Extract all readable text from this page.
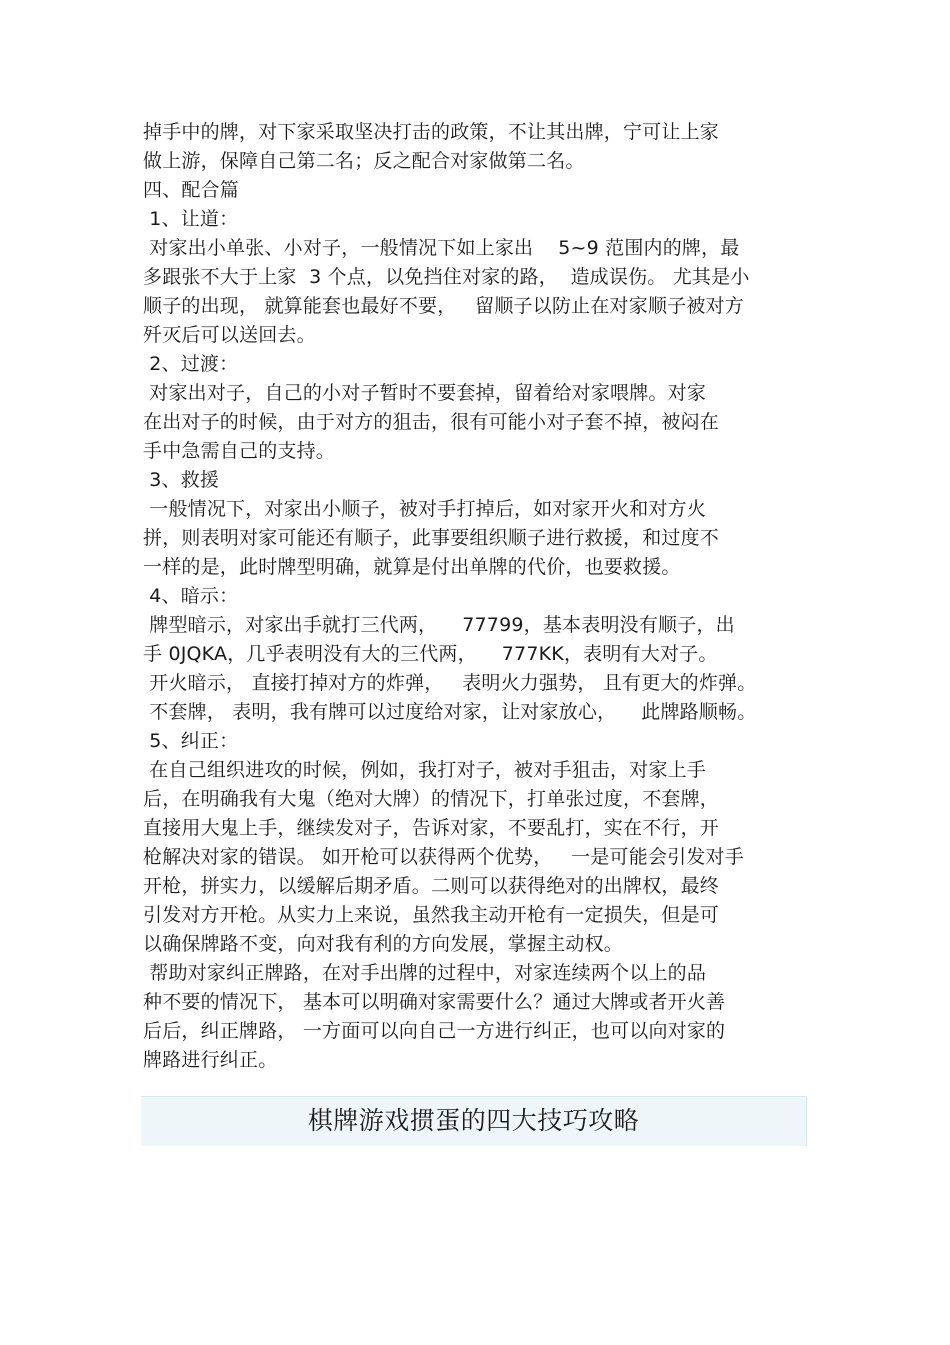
掉手中的牌，对下家采取坚决打击的政策，不让其出牌，宁可让上家
做上游，保障自己第二名；反之配合对家做第二名。
四、配合篇
1、让道：
对家出小单张、小对子，一般情况下如上家出    5~9 范围内的牌，最
多跟张不大于上家  3 个点，以免挡住对家的路，  造成误伤。 尤其是小
顺子的出现， 就算能套也最好不要，   留顺子以防止在对家顺子被对方
歼灭后可以送回去。
2、过渡：
对家出对子，自己的小对子暂时不要套掉，留着给对家喂牌。对家
在出对子的时候，由于对方的狙击，很有可能小对子套不掉，被闷在
手中急需自己的支持。
3、救援
一般情况下，对家出小顺子，被对手打掉后，如对家开火和对方火
拼，则表明对家可能还有顺子，此事要组织顺子进行救援，和过度不
一样的是，此时牌型明确，就算是付出单牌的代价，也要救援。
4、暗示：
牌型暗示，对家出手就打三代两，    77799，基本表明没有顺子，出
手 0JQKA，几乎表明没有大的三代两，    777KK，表明有大对子。
开火暗示， 直接打掉对方的炸弹，   表明火力强势， 且有更大的炸弹。
不套牌， 表明，我有牌可以过度给对家，让对家放心，    此牌路顺畅。
5、纠正：
在自己组织进攻的时候，例如，我打对子，被对手狙击，对家上手
后，在明确我有大鬼（绝对大牌）的情况下，打单张过度，不套牌，
直接用大鬼上手，继续发对子，告诉对家，不要乱打，实在不行，开
枪解决对家的错误。 如开枪可以获得两个优势，   一是可能会引发对手
开枪，拼实力，以缓解后期矛盾。二则可以获得绝对的出牌权，最终
引发对方开枪。从实力上来说，虽然我主动开枪有一定损失，但是可
以确保牌路不变，向对我有利的方向发展，掌握主动权。
帮助对家纠正牌路，在对手出牌的过程中，对家连续两个以上的品
种不要的情况下， 基本可以明确对家需要什么？通过大牌或者开火善
后后，纠正牌路， 一方面可以向自己一方进行纠正，也可以向对家的
牌路进行纠正。
棋牌游戏掼蛋的四大技巧攻略
